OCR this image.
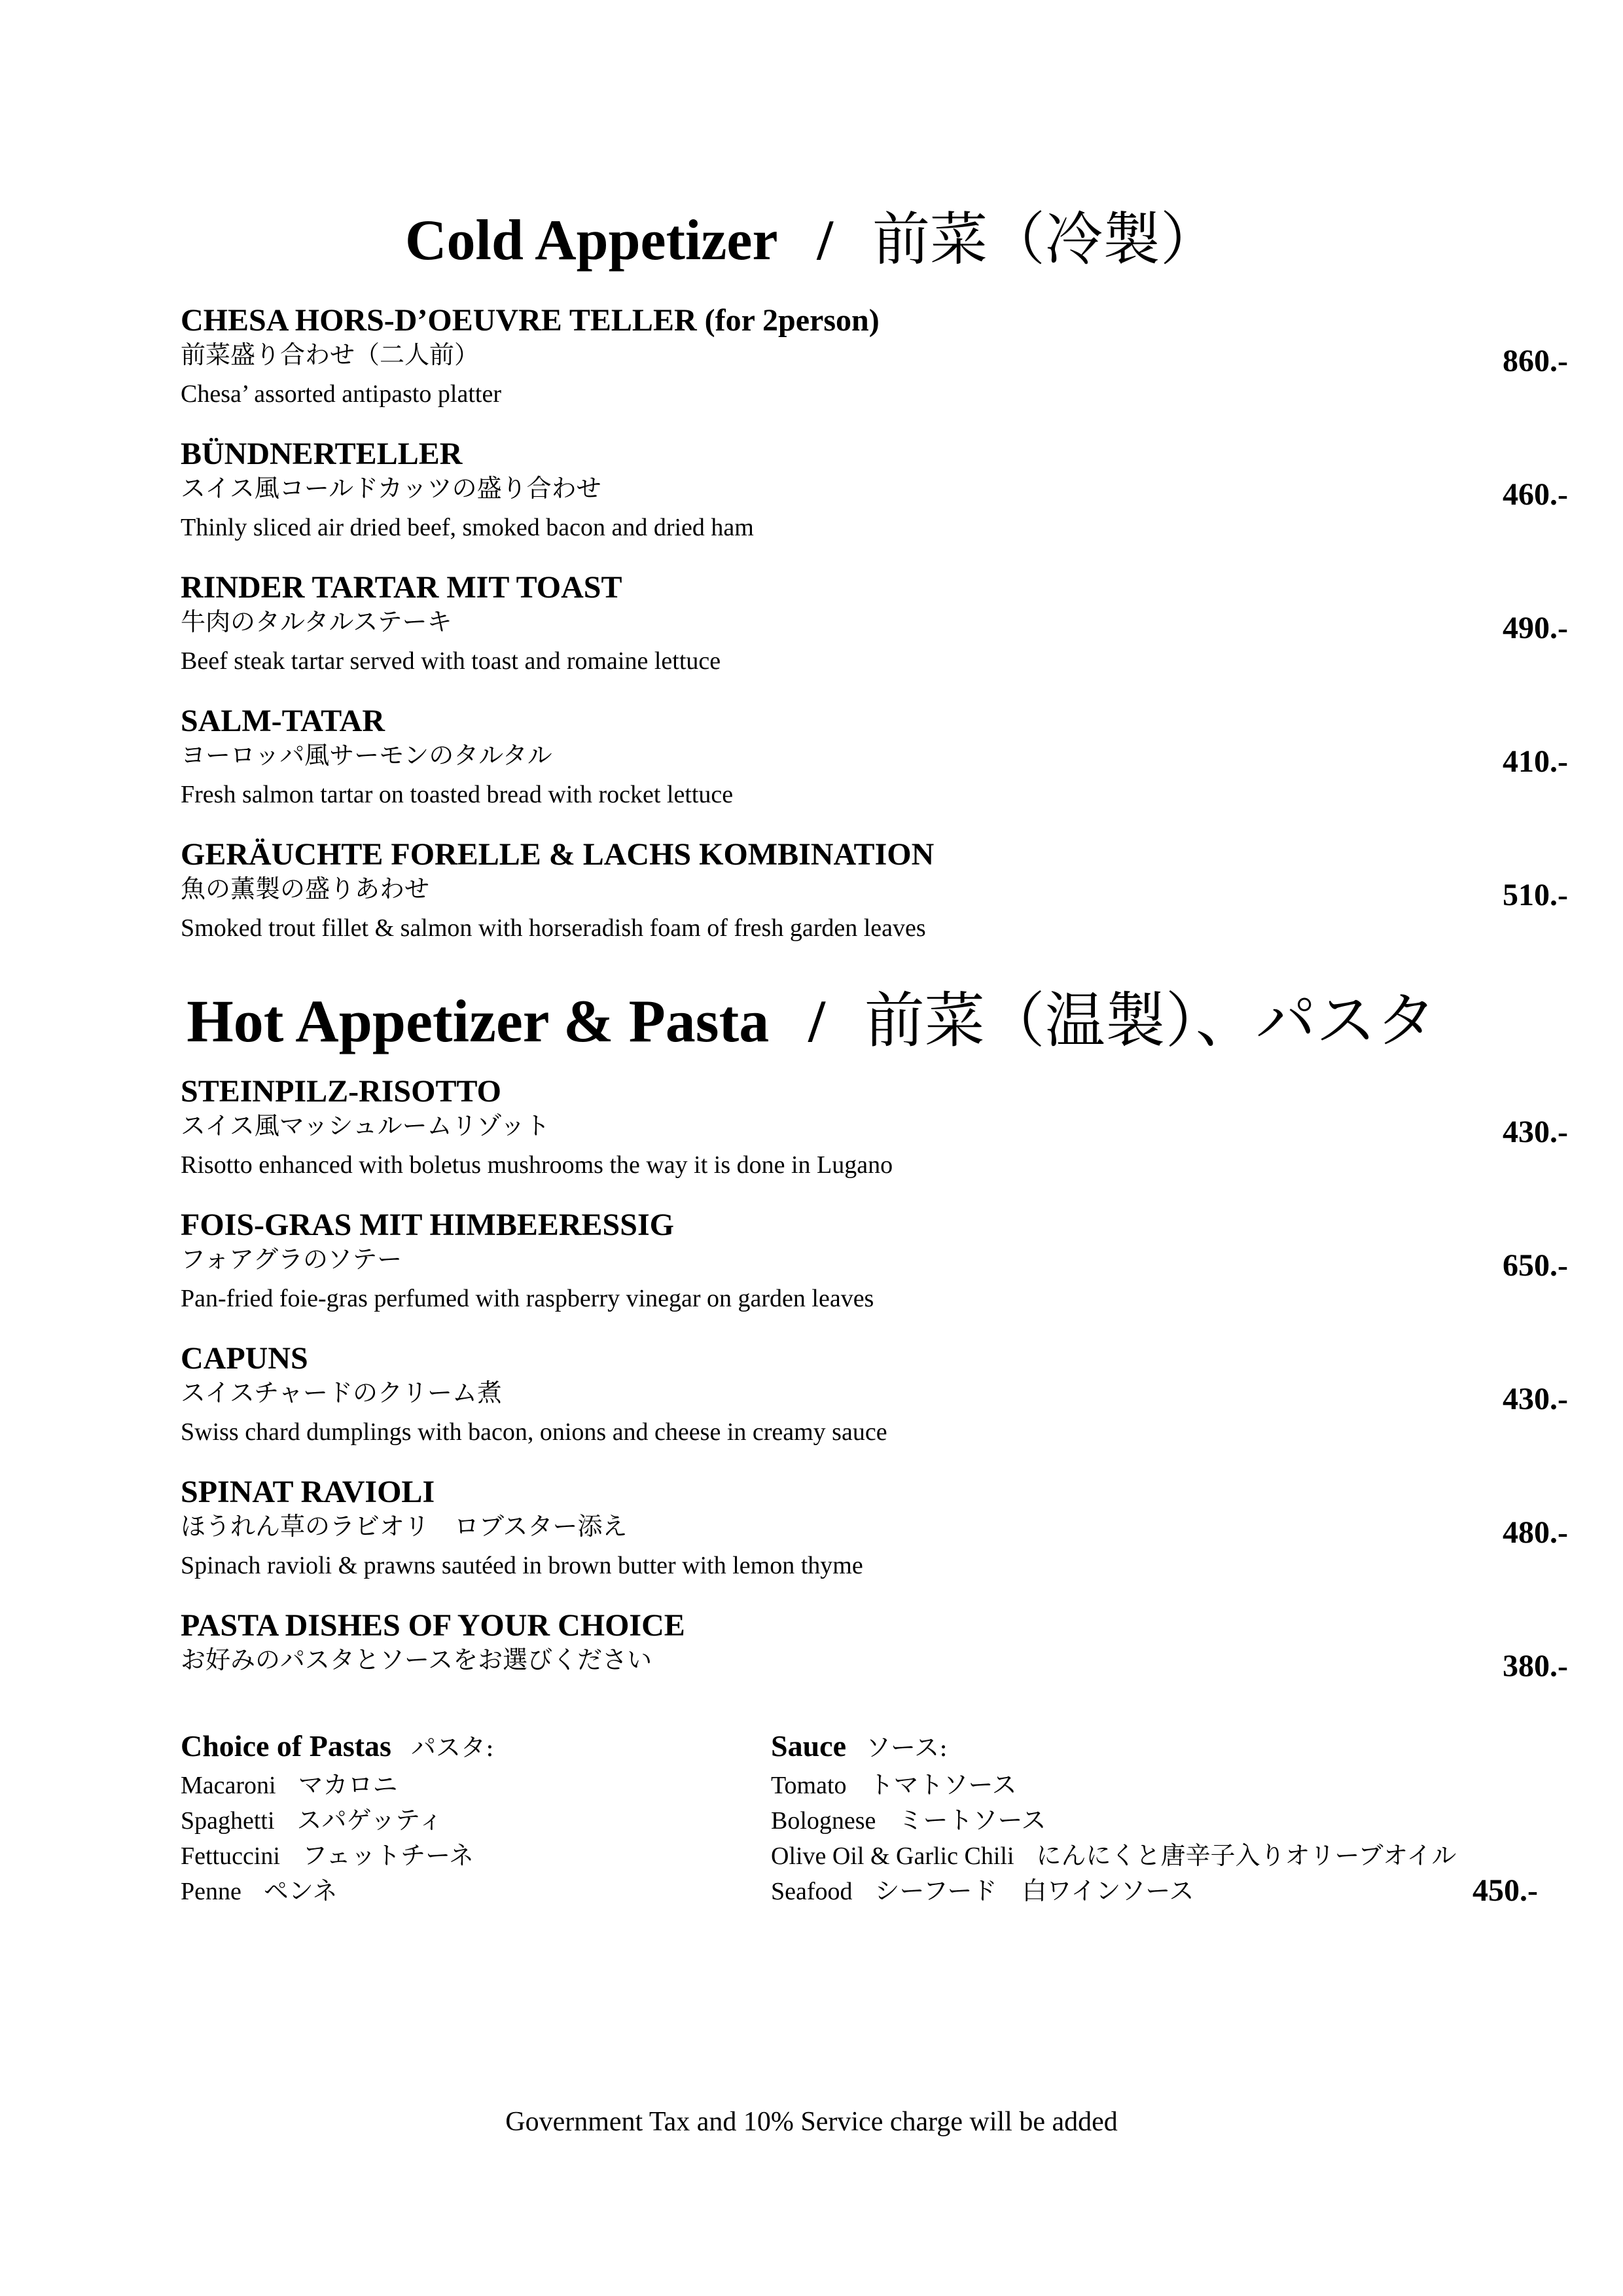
Cold Appetizer / 前菜（冷製）
CHESA HORS-D’OEUVRE TELLER (for 2person)
前菜盛り合わせ（二人前）
Chesa’ assorted antipasto platter
860.-
BÜNDNERTELLER
スイス風コールドカッツの盛り合わせ
Thinly sliced air dried beef, smoked bacon and dried ham
460.-
RINDER TARTAR MIT TOAST
牛肉のタルタルステーキ
Beef steak tartar served with toast and romaine lettuce
490.-
SALM-TATAR
ヨーロッパ風サーモンのタルタル
Fresh salmon tartar on toasted bread with rocket lettuce
410.-
GERÄUCHTE FORELLE & LACHS KOMBINATION
魚の薫製の盛りあわせ
Smoked trout fillet & salmon with horseradish foam of fresh garden leaves
510.-
Hot Appetizer & Pasta / 前菜（温製）、パスタ
STEINPILZ-RISOTTO
スイス風マッシュルームリゾット
Risotto enhanced with boletus mushrooms the way it is done in Lugano
430.-
FOIS-GRAS MIT HIMBEERESSIG
フォアグラのソテー
Pan-fried foie-gras perfumed with raspberry vinegar on garden leaves
650.-
CAPUNS
スイスチャードのクリーム煮
Swiss chard dumplings with bacon, onions and cheese in creamy sauce
430.-
SPINAT RAVIOLI
ほうれん草のラビオリ　ロブスター添え
Spinach ravioli & prawns sautéed in brown butter with lemon thyme
480.-
PASTA DISHES OF YOUR CHOICE
お好みのパスタとソースをお選びください	380.-
Choice of Pastas パスタ:
Macaroni マカロニ
Spaghetti スパゲッティ
Fettuccini フェットチーネ
Penne ペンネ
Sauce ソース:
Tomato トマトソース
Bolognese ミートソース
Olive Oil & Garlic Chili にんにくと唐辛子入りオリーブオイル
Seafood シーフード　白ワインソース	450.-
Government Tax and 10% Service charge will be added
